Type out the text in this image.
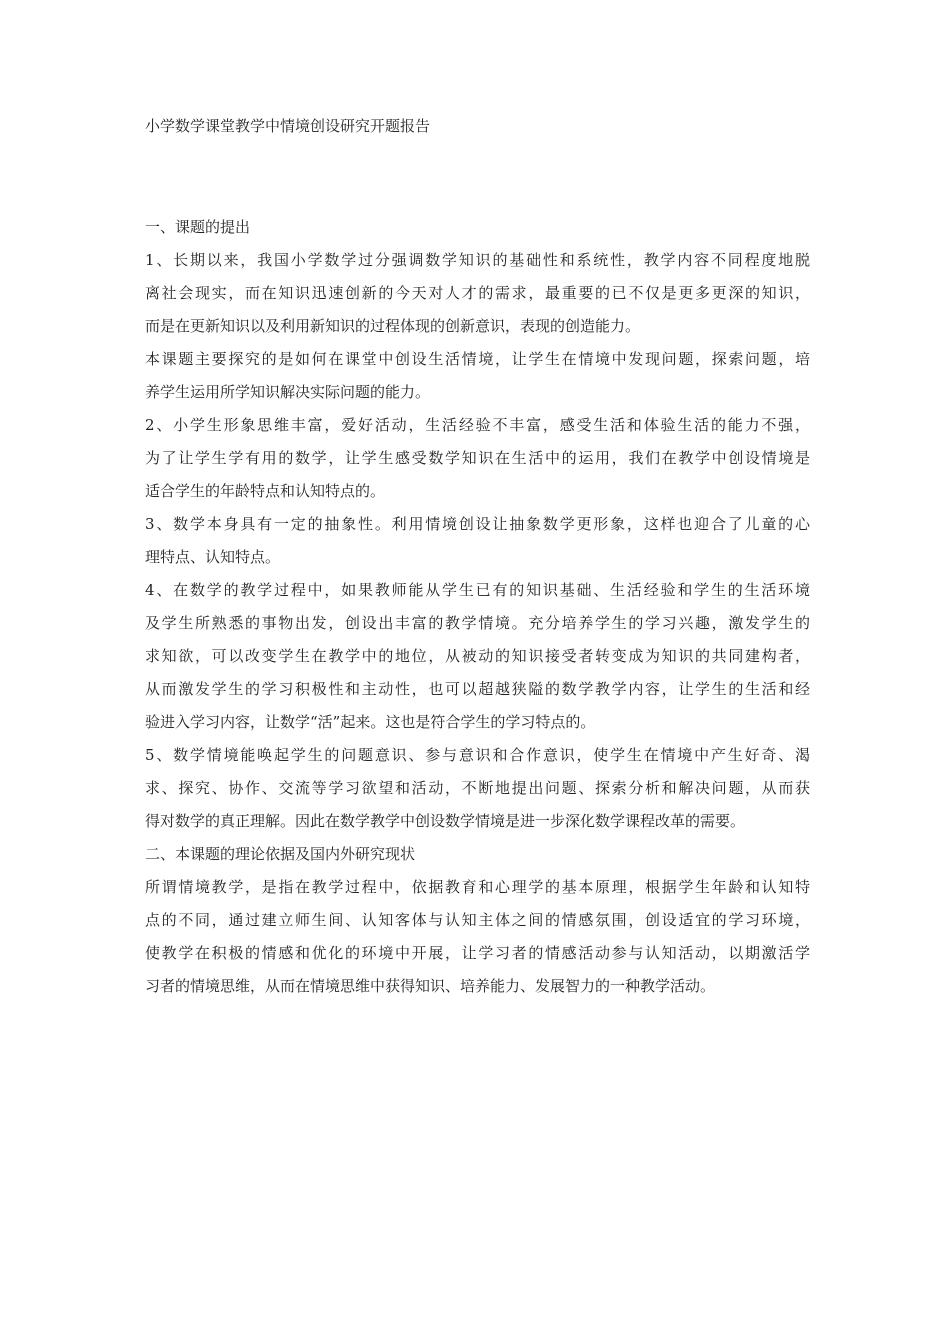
小学数学课堂教学中情境创设研究开题报告
一、课题的提出
1、长期以来，我国小学数学过分强调数学知识的基础性和系统性，教学内容不同程度地脱
离社会现实，而在知识迅速创新的今天对人才的需求，最重要的已不仅是更多更深的知识，
而是在更新知识以及利用新知识的过程体现的创新意识，表现的创造能力。
本课题主要探究的是如何在课堂中创设生活情境，让学生在情境中发现问题，探索问题，培
养学生运用所学知识解决实际问题的能力。
2、小学生形象思维丰富，爱好活动，生活经验不丰富，感受生活和体验生活的能力不强，
为了让学生学有用的数学，让学生感受数学知识在生活中的运用，我们在教学中创设情境是
适合学生的年龄特点和认知特点的。
3、数学本身具有一定的抽象性。利用情境创设让抽象数学更形象，这样也迎合了儿童的心
理特点、认知特点。
4、在数学的教学过程中，如果教师能从学生已有的知识基础、生活经验和学生的生活环境
及学生所熟悉的事物出发，创设出丰富的教学情境。充分培养学生的学习兴趣，激发学生的
求知欲，可以改变学生在教学中的地位，从被动的知识接受者转变成为知识的共同建构者，
从而激发学生的学习积极性和主动性，也可以超越狭隘的数学教学内容，让学生的生活和经
验进入学习内容，让数学“活”起来。这也是符合学生的学习特点的。
5、数学情境能唤起学生的问题意识、参与意识和合作意识，使学生在情境中产生好奇、渴
求、探究、协作、交流等学习欲望和活动，不断地提出问题、探索分析和解决问题，从而获
得对数学的真正理解。因此在数学教学中创设数学情境是进一步深化数学课程改革的需要。
二、本课题的理论依据及国内外研究现状
所谓情境教学，是指在教学过程中，依据教育和心理学的基本原理，根据学生年龄和认知特
点的不同，通过建立师生间、认知客体与认知主体之间的情感氛围，创设适宜的学习环境，
使教学在积极的情感和优化的环境中开展，让学习者的情感活动参与认知活动，以期激活学
习者的情境思维，从而在情境思维中获得知识、培养能力、发展智力的一种教学活动。
